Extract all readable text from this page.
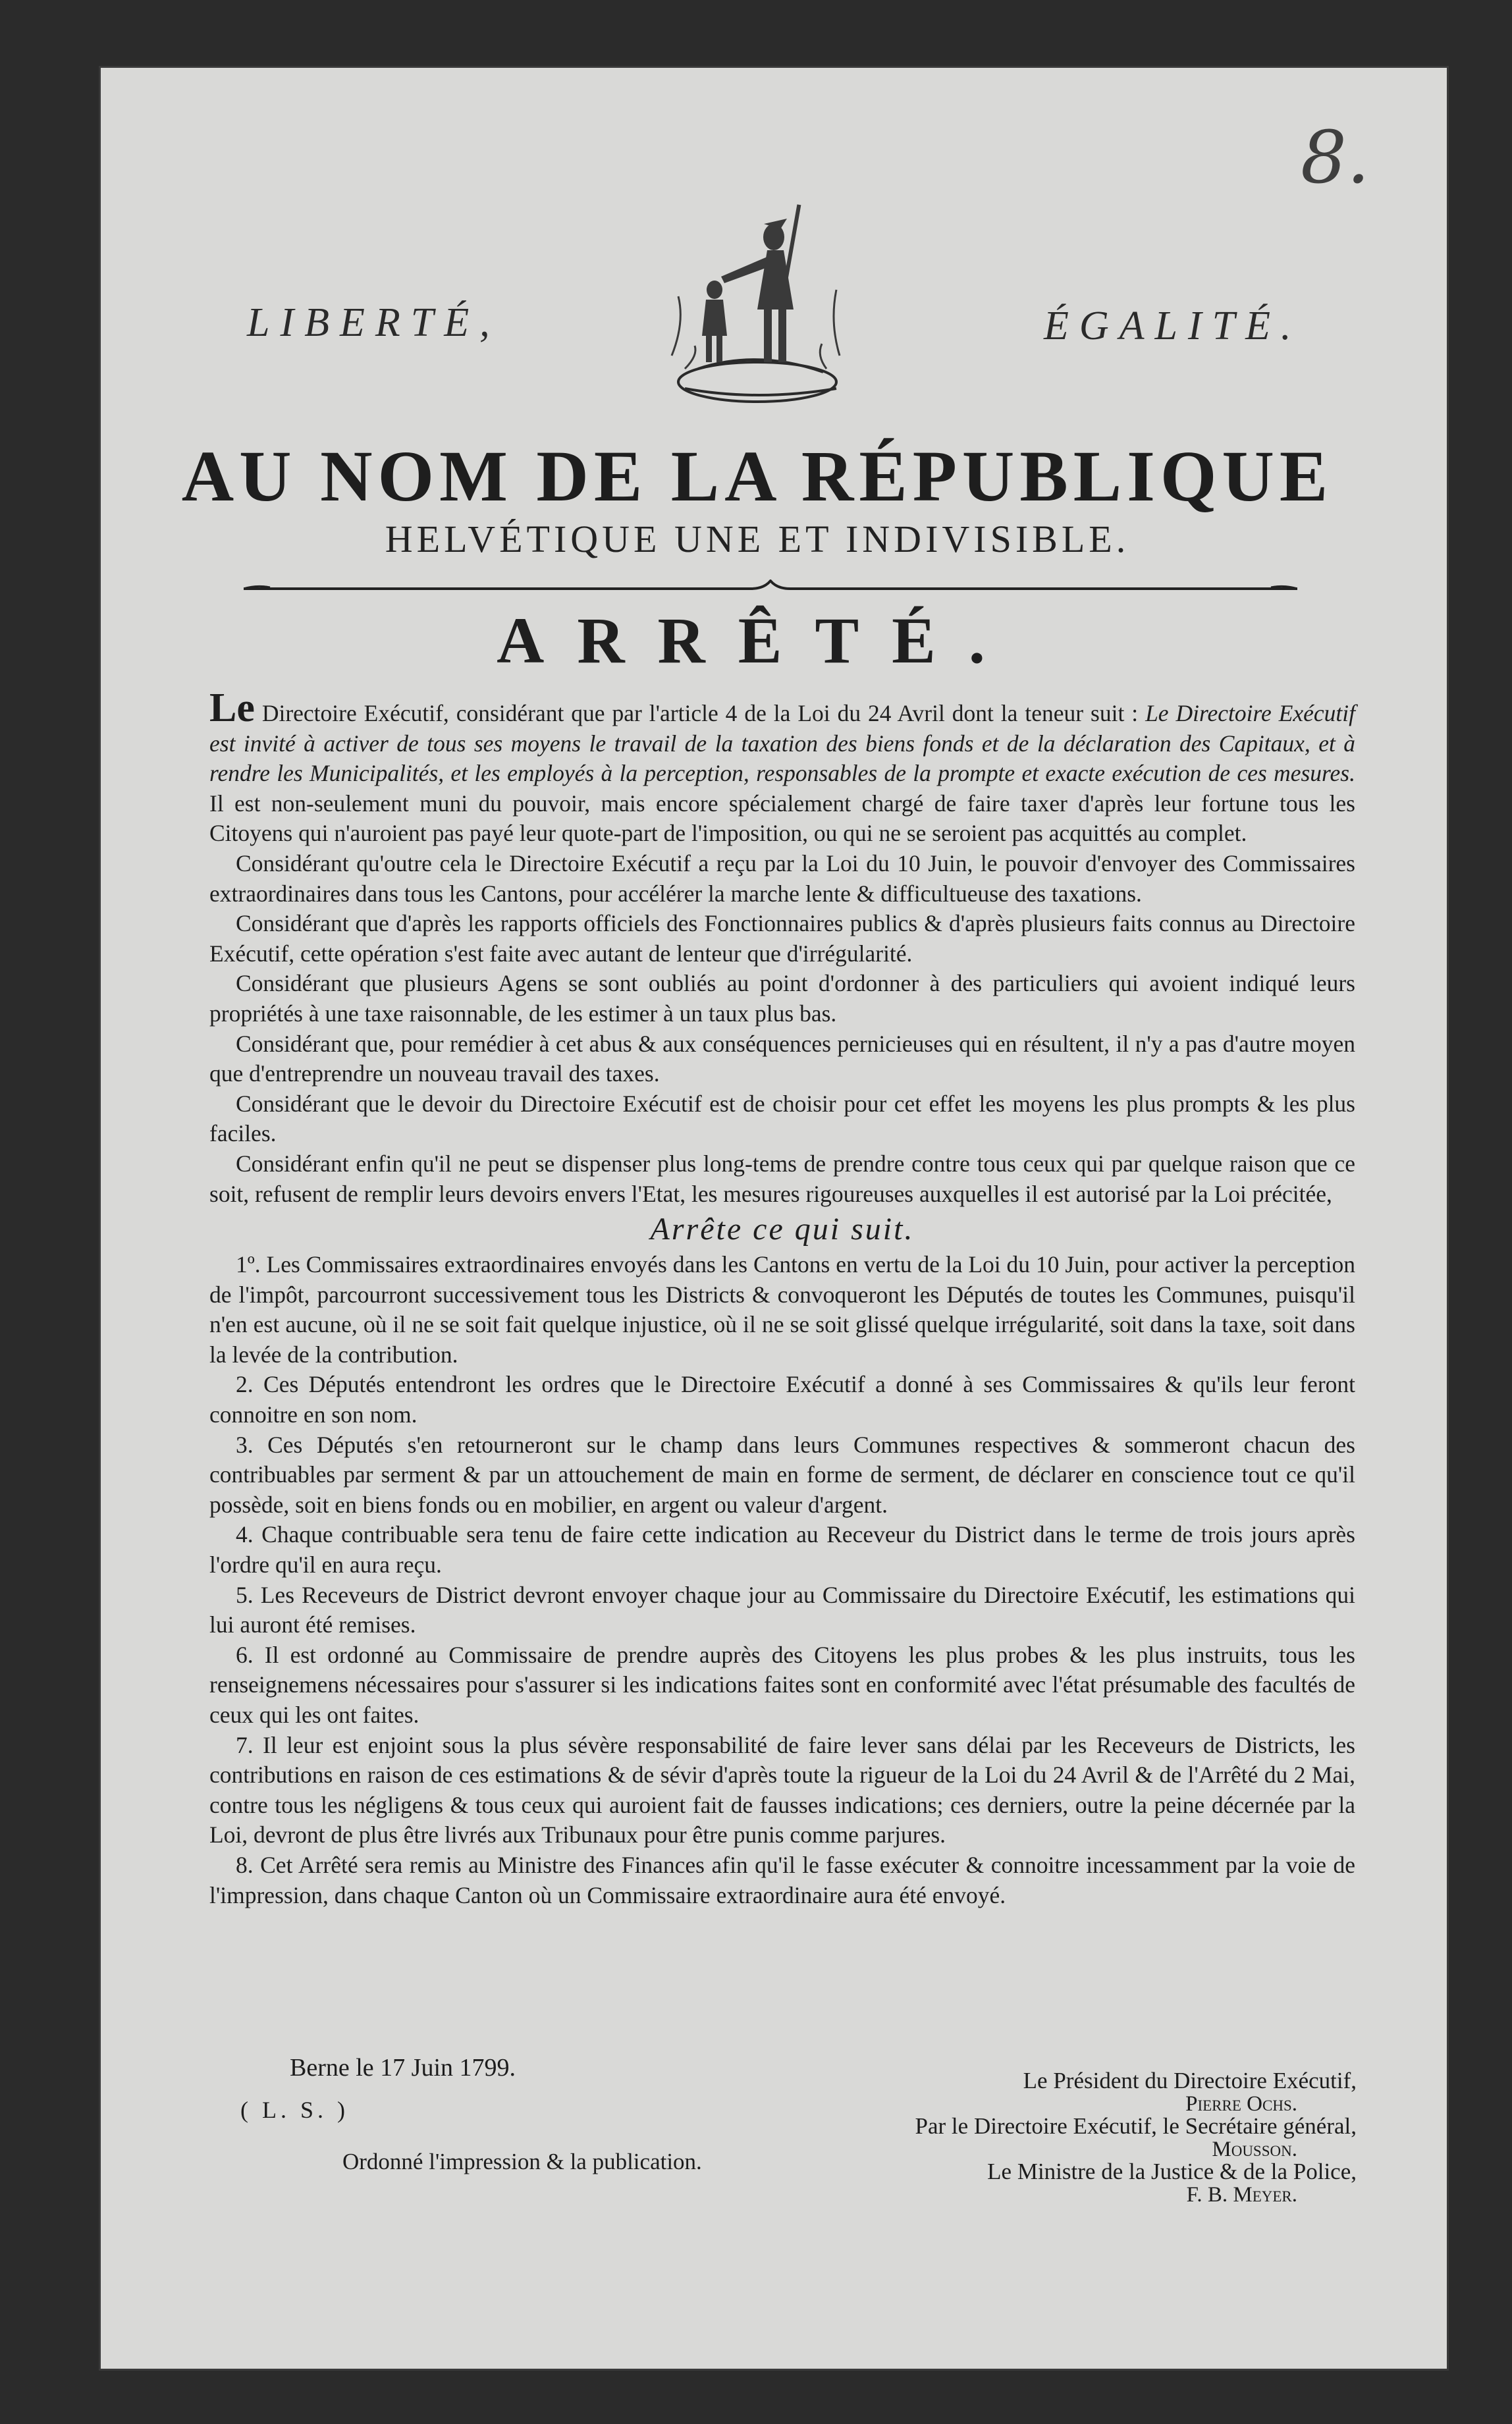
8.
LIBERTÉ,	ÉGALITÉ.
AU NOM DE LA RÉPUBLIQUE
HELVÉTIQUE UNE ET INDIVISIBLE.
ARRÊTÉ.

Le Directoire Exécutif, considérant que par l'article 4 de la Loi du 24 Avril dont la teneur suit : Le Directoire Exécutif est invité à activer de tous ses moyens le travail de la taxation des biens fonds et de la déclaration des Capitaux, et à rendre les Municipalités, et les employés à la perception, responsables de la prompte et exacte exécution de ces mesures. Il est non-seulement muni du pouvoir, mais encore spécialement chargé de faire taxer d'après leur fortune tous les Citoyens qui n'auroient pas payé leur quote-part de l'imposition, ou qui ne se seroient pas acquittés au complet.

Considérant qu'outre cela le Directoire Exécutif a reçu par la Loi du 10 Juin, le pouvoir d'envoyer des Commissaires extraordinaires dans tous les Cantons, pour accélérer la marche lente & difficultueuse des taxations.

Considérant que d'après les rapports officiels des Fonctionnaires publics & d'après plusieurs faits connus au Directoire Exécutif, cette opération s'est faite avec autant de lenteur que d'irrégularité.

Considérant que plusieurs Agens se sont oubliés au point d'ordonner à des particuliers qui avoient indiqué leurs propriétés à une taxe raisonnable, de les estimer à un taux plus bas.

Considérant que, pour remédier à cet abus & aux conséquences pernicieuses qui en résultent, il n'y a pas d'autre moyen que d'entreprendre un nouveau travail des taxes.

Considérant que le devoir du Directoire Exécutif est de choisir pour cet effet les moyens les plus prompts & les plus faciles.

Considérant enfin qu'il ne peut se dispenser plus long-tems de prendre contre tous ceux qui par quelque raison que ce soit, refusent de remplir leurs devoirs envers l'Etat, les mesures rigoureuses auxquelles il est autorisé par la Loi précitée,

Arrête ce qui suit.

1º. Les Commissaires extraordinaires envoyés dans les Cantons en vertu de la Loi du 10 Juin, pour activer la perception de l'impôt, parcourront successivement tous les Districts & convoqueront les Députés de toutes les Communes, puisqu'il n'en est aucune, où il ne se soit fait quelque injustice, où il ne se soit glissé quelque irrégularité, soit dans la taxe, soit dans la levée de la contribution.

2. Ces Députés entendront les ordres que le Directoire Exécutif a donné à ses Commissaires & qu'ils leur feront connoitre en son nom.

3. Ces Députés s'en retourneront sur le champ dans leurs Communes respectives & sommeront chacun des contribuables par serment & par un attouchement de main en forme de serment, de déclarer en conscience tout ce qu'il possède, soit en biens fonds ou en mobilier, en argent ou valeur d'argent.

4. Chaque contribuable sera tenu de faire cette indication au Receveur du District dans le terme de trois jours après l'ordre qu'il en aura reçu.

5. Les Receveurs de District devront envoyer chaque jour au Commissaire du Directoire Exécutif, les estimations qui lui auront été remises.

6. Il est ordonné au Commissaire de prendre auprès des Citoyens les plus probes & les plus instruits, tous les renseignemens nécessaires pour s'assurer si les indications faites sont en conformité avec l'état présumable des facultés de ceux qui les ont faites.

7. Il leur est enjoint sous la plus sévère responsabilité de faire lever sans délai par les Receveurs de Districts, les contributions en raison de ces estimations & de sévir d'après toute la rigueur de la Loi du 24 Avril & de l'Arrêté du 2 Mai, contre tous les négligens & tous ceux qui auroient fait de fausses indications; ces derniers, outre la peine décernée par la Loi, devront de plus être livrés aux Tribunaux pour être punis comme parjures.

8. Cet Arrêté sera remis au Ministre des Finances afin qu'il le fasse exécuter & connoitre incessamment par la voie de l'impression, dans chaque Canton où un Commissaire extraordinaire aura été envoyé.

Berne le 17 Juin 1799.
( L. S. )
Ordonné l'impression & la publication.
Le Président du Directoire Exécutif,
Pierre Ochs.
Par le Directoire Exécutif, le Secrétaire général,
Mousson.
Le Ministre de la Justice & de la Police,
F. B. Meyer.
